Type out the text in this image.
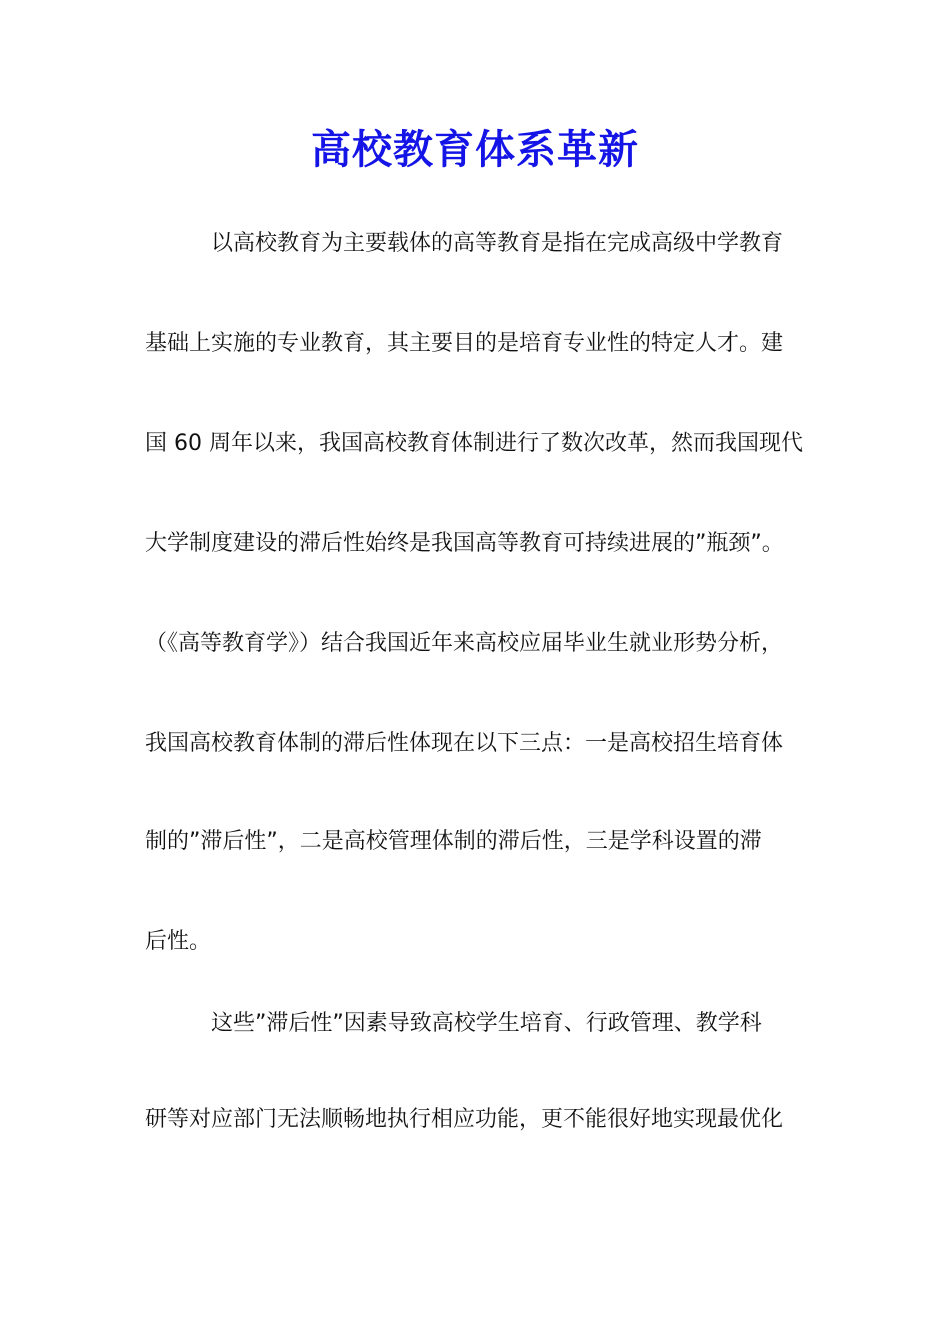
高校教育体系革新
　　　以高校教育为主要载体的高等教育是指在完成高级中学教育
基础上实施的专业教育，其主要目的是培育专业性的特定人才。建
国 60 周年以来，我国高校教育体制进行了数次改革，然而我国现代
大学制度建设的滞后性始终是我国高等教育可持续进展的”瓶颈”。
（《高等教育学》）结合我国近年来高校应届毕业生就业形势分析，
我国高校教育体制的滞后性体现在以下三点：一是高校招生培育体
制的”滞后性”，二是高校管理体制的滞后性，三是学科设置的滞
后性。
　　　这些”滞后性”因素导致高校学生培育、行政管理、教学科
研等对应部门无法顺畅地执行相应功能，更不能很好地实现最优化
